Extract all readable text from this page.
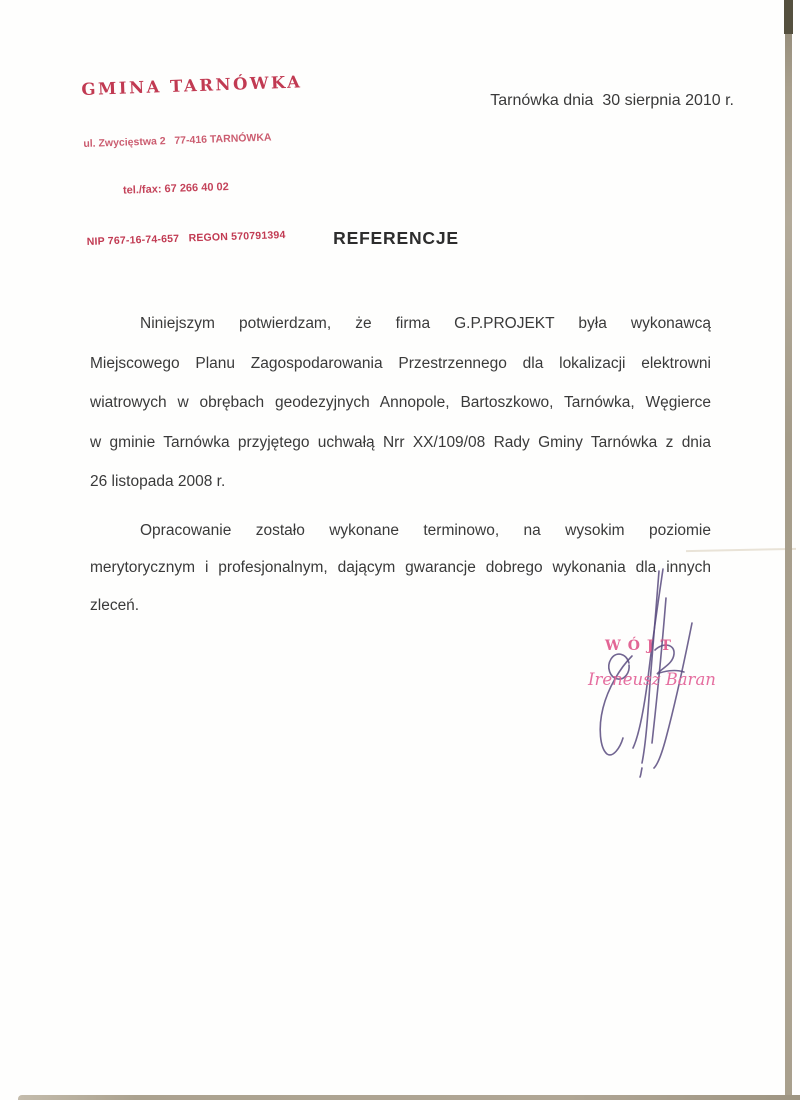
GMINA TARNÓWKA

ul. Zwycięstwa 2   77-416 TARNÓWKA

tel./fax: 67 266 40 02

NIP 767-16-74-657   REGON 570791394

Tarnówka dnia  30 sierpnia 2010 r.
REFERENCJE
Niniejszym potwierdzam, że firma G.P.PROJEKT była wykonawcą
Miejscowego Planu Zagospodarowania Przestrzennego dla lokalizacji elektrowni
wiatrowych w obrębach geodezyjnych Annopole, Bartoszkowo, Tarnówka, Węgierce
w gminie Tarnówka przyjętego uchwałą Nrr XX/109/08 Rady Gminy Tarnówka z dnia
26 listopada 2008 r.
Opracowanie zostało wykonane terminowo, na wysokim poziomie
merytorycznym i profesjonalnym, dającym gwarancje dobrego wykonania dla innych
zleceń.
WÓJT
Ireneusz Baran
